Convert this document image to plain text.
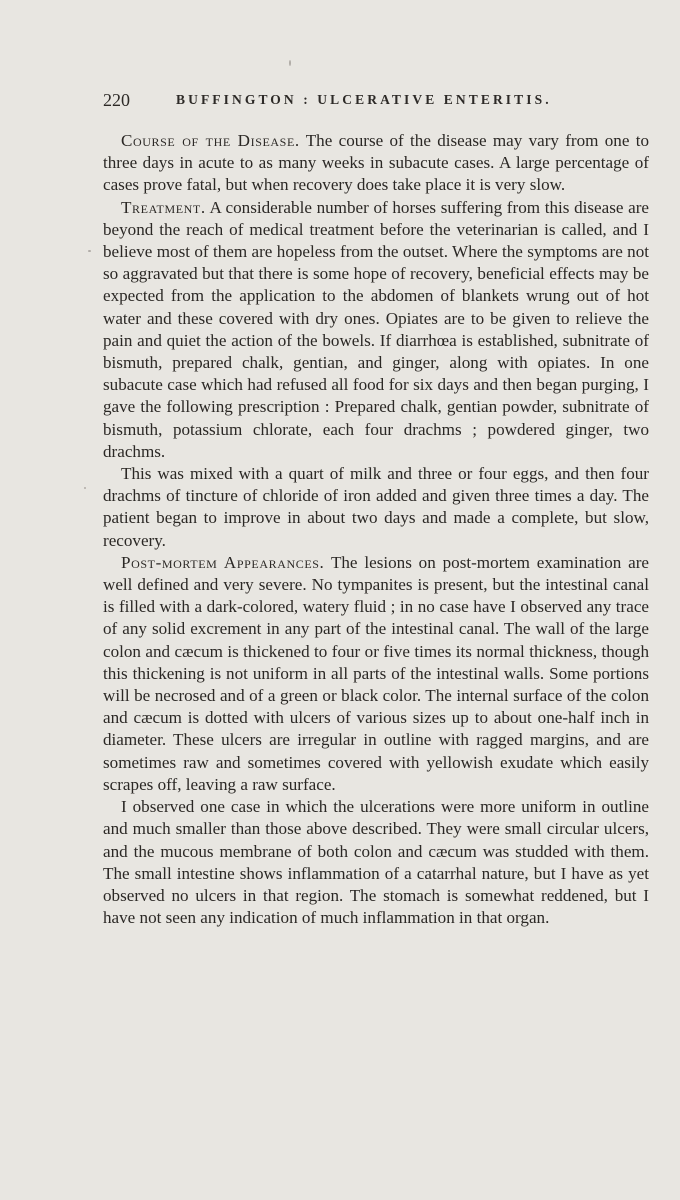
220	BUFFINGTON : ULCERATIVE ENTERITIS.

Course of the Disease. The course of the disease may vary from one to three days in acute to as many weeks in subacute cases. A large percentage of cases prove fatal, but when recovery does take place it is very slow.

Treatment. A considerable number of horses suffering from this disease are beyond the reach of medical treatment before the veterinarian is called, and I believe most of them are hopeless from the outset. Where the symptoms are not so aggravated but that there is some hope of recovery, beneficial effects may be expected from the application to the abdomen of blankets wrung out of hot water and these covered with dry ones. Opiates are to be given to relieve the pain and quiet the action of the bowels. If diarrhœa is established, subnitrate of bismuth, prepared chalk, gentian, and ginger, along with opiates. In one subacute case which had refused all food for six days and then began purging, I gave the following prescription : Prepared chalk, gentian powder, subnitrate of bismuth, potassium chlorate, each four drachms ; powdered ginger, two drachms.

This was mixed with a quart of milk and three or four eggs, and then four drachms of tincture of chloride of iron added and given three times a day. The patient began to improve in about two days and made a complete, but slow, recovery.

Post-mortem Appearances. The lesions on post-mortem examination are well defined and very severe. No tympanites is present, but the intestinal canal is filled with a dark-colored, watery fluid ; in no case have I observed any trace of any solid excrement in any part of the intestinal canal. The wall of the large colon and cæcum is thickened to four or five times its normal thickness, though this thickening is not uniform in all parts of the intestinal walls. Some portions will be necrosed and of a green or black color. The internal surface of the colon and cæcum is dotted with ulcers of various sizes up to about one-half inch in diameter. These ulcers are irregular in outline with ragged margins, and are sometimes raw and sometimes covered with yellowish exudate which easily scrapes off, leaving a raw surface.

I observed one case in which the ulcerations were more uniform in outline and much smaller than those above described. They were small circular ulcers, and the mucous membrane of both colon and cæcum was studded with them. The small intestine shows inflammation of a catarrhal nature, but I have as yet observed no ulcers in that region. The stomach is somewhat reddened, but I have not seen any indication of much inflammation in that organ.
